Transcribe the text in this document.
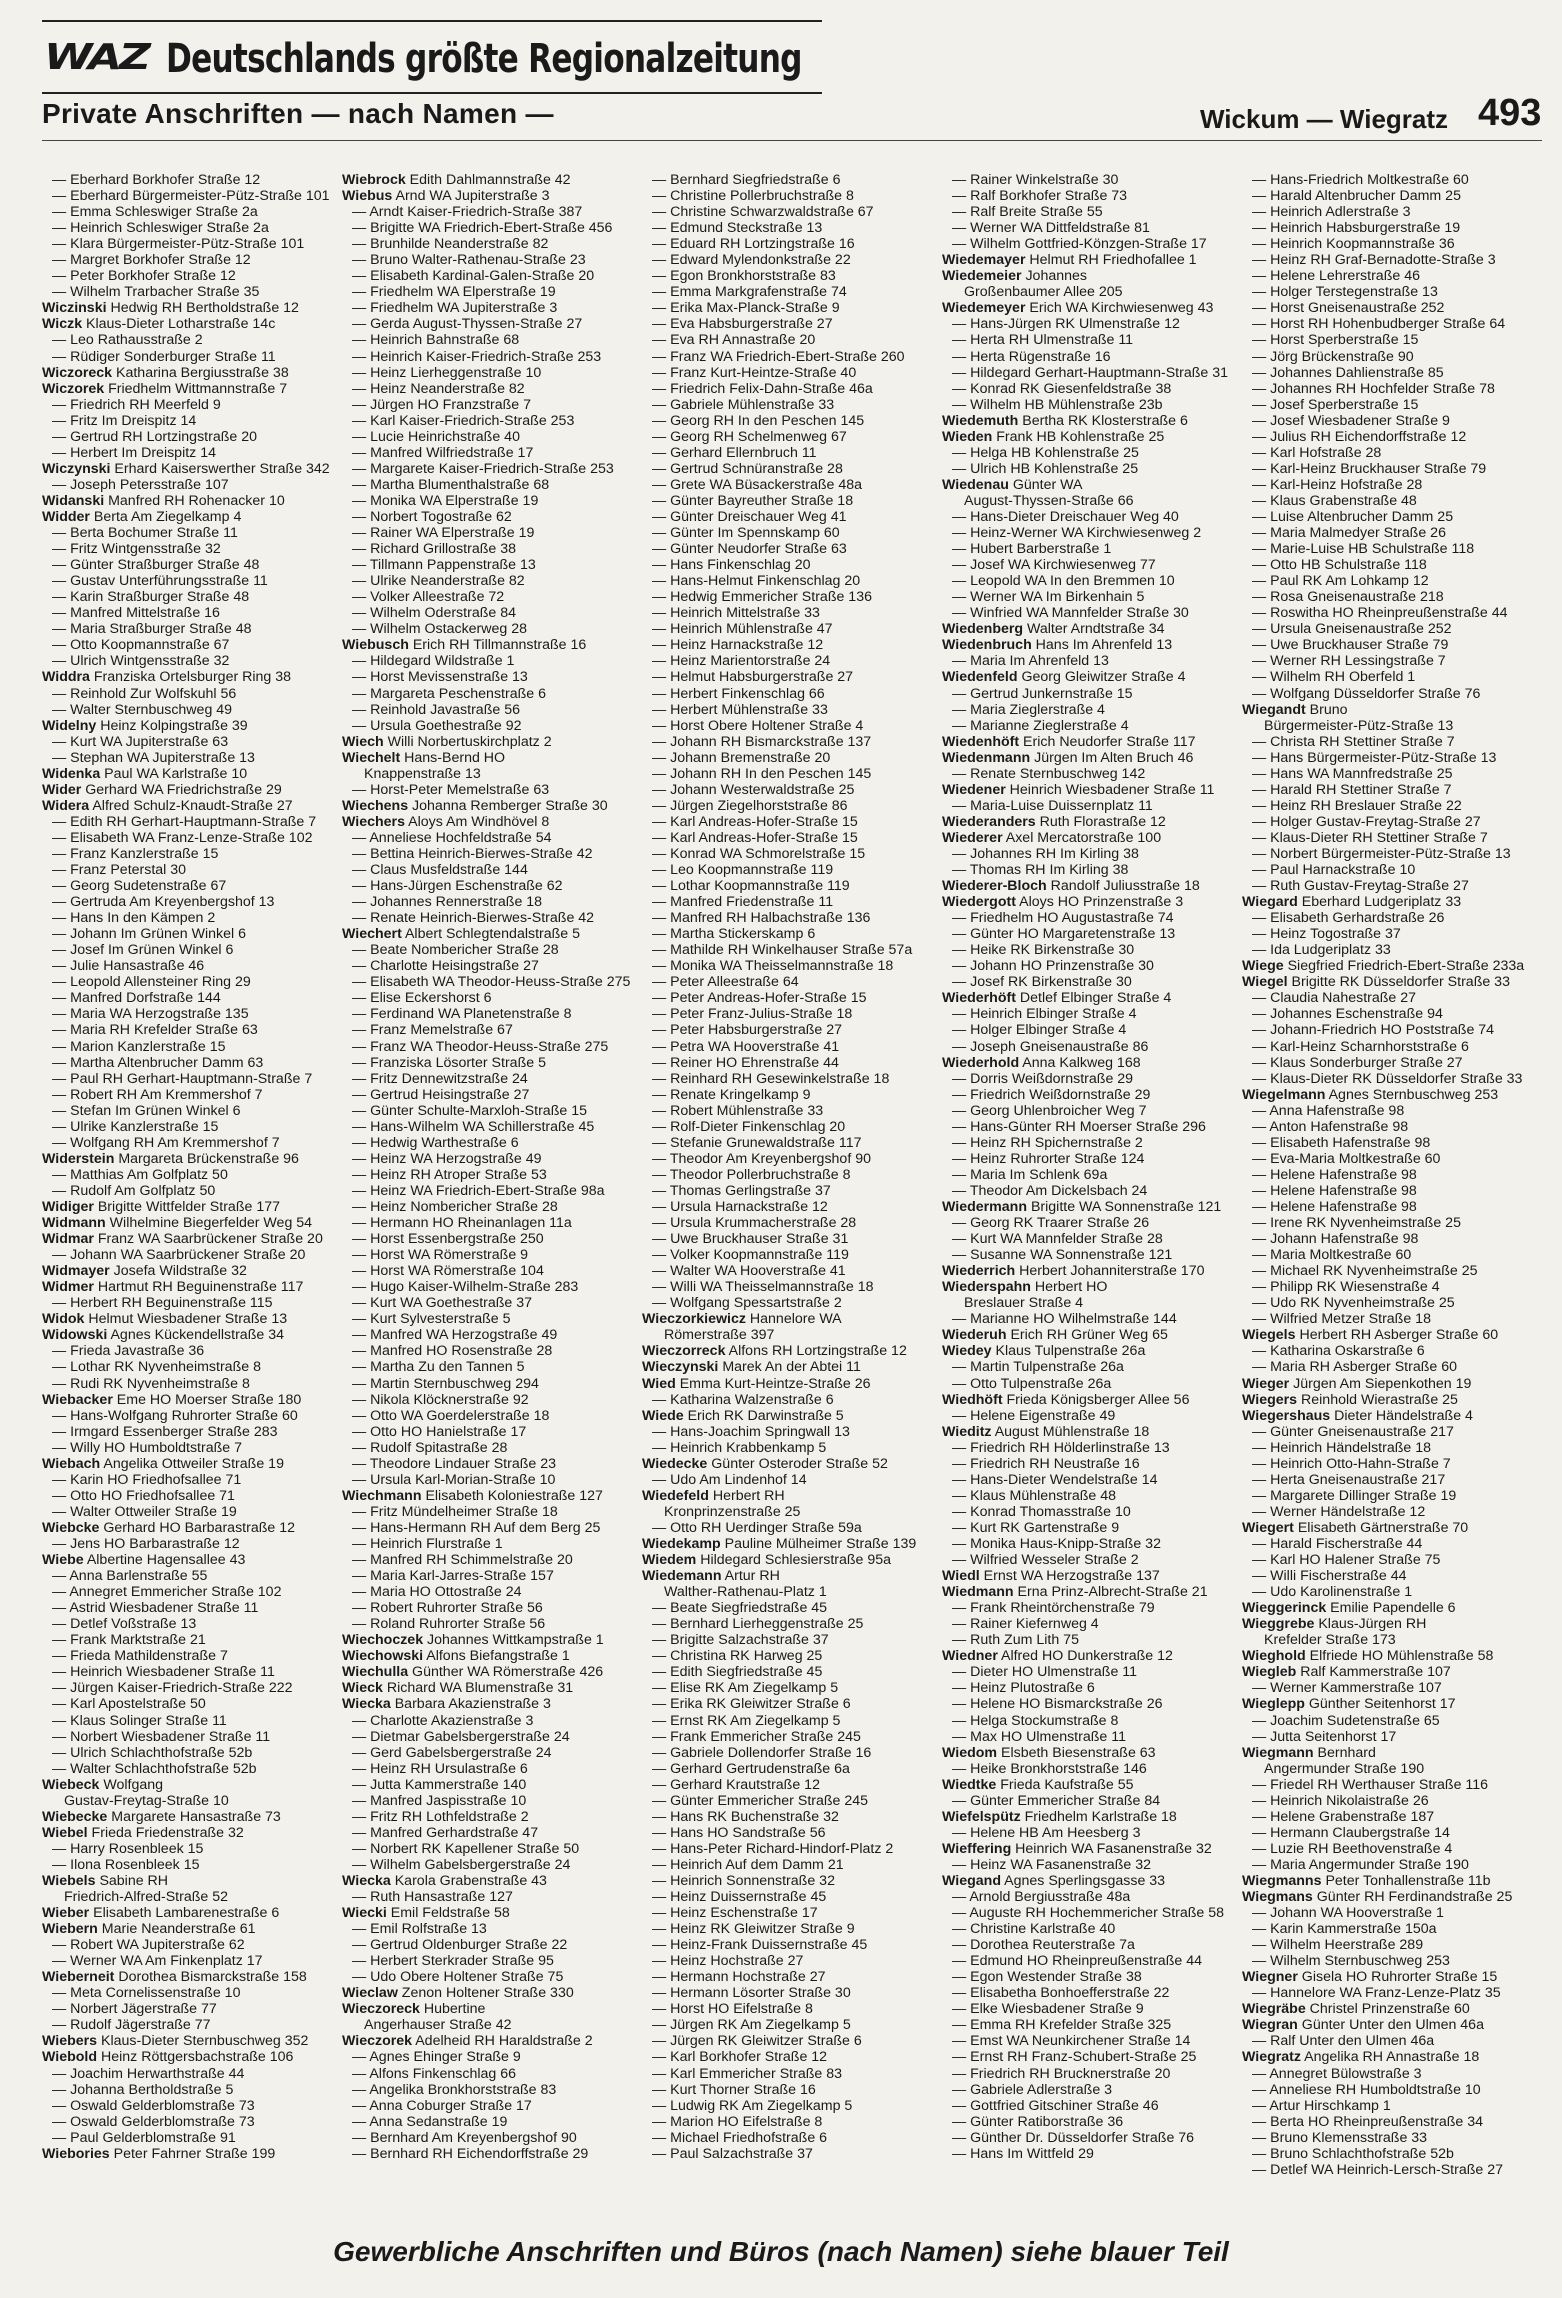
WAZ Deutschlands größte Regionalzeitung
Private Anschriften — nach Namen —	Wickum — Wiegratz 493
— Eberhard Borkhofer Straße 12
— Eberhard Bürgermeister-Pütz-Straße 101
— Emma Schleswiger Straße 2a
— Heinrich Schleswiger Straße 2a
— Klara Bürgermeister-Pütz-Straße 101
— Margret Borkhofer Straße 12
— Peter Borkhofer Straße 12
— Wilhelm Trarbacher Straße 35
Wiczinski Hedwig RH Bertholdstraße 12
Wiczk Klaus-Dieter Lotharstraße 14c
— Leo Rathausstraße 2
— Rüdiger Sonderburger Straße 11
Wiczoreck Katharina Bergiusstraße 38
Wiczorek Friedhelm Wittmannstraße 7
— Friedrich RH Meerfeld 9
— Fritz Im Dreispitz 14
— Gertrud RH Lortzingstraße 20
— Herbert Im Dreispitz 14
Wiczynski Erhard Kaiserswerther Straße 342
— Joseph Petersstraße 107
Widanski Manfred RH Rohenacker 10
Widder Berta Am Ziegelkamp 4
— Berta Bochumer Straße 11
— Fritz Wintgensstraße 32
— Günter Straßburger Straße 48
— Gustav Unterführungsstraße 11
— Karin Straßburger Straße 48
— Manfred Mittelstraße 16
— Maria Straßburger Straße 48
— Otto Koopmannstraße 67
— Ulrich Wintgensstraße 32
Widdra Franziska Ortelsburger Ring 38
— Reinhold Zur Wolfskuhl 56
— Walter Sternbuschweg 49
Widelny Heinz Kolpingstraße 39
— Kurt WA Jupiterstraße 63
— Stephan WA Jupiterstraße 13
Widenka Paul WA Karlstraße 10
Wider Gerhard WA Friedrichstraße 29
Widera Alfred Schulz-Knaudt-Straße 27
— Edith RH Gerhart-Hauptmann-Straße 7
— Elisabeth WA Franz-Lenze-Straße 102
— Franz Kanzlerstraße 15
— Franz Peterstal 30
— Georg Sudetenstraße 67
— Gertruda Am Kreyenbergshof 13
— Hans In den Kämpen 2
— Johann Im Grünen Winkel 6
— Josef Im Grünen Winkel 6
— Julie Hansastraße 46
— Leopold Allensteiner Ring 29
— Manfred Dorfstraße 144
— Maria WA Herzogstraße 135
— Maria RH Krefelder Straße 63
— Marion Kanzlerstraße 15
— Martha Altenbrucher Damm 63
— Paul RH Gerhart-Hauptmann-Straße 7
— Robert RH Am Kremmershof 7
— Stefan Im Grünen Winkel 6
— Ulrike Kanzlerstraße 15
— Wolfgang RH Am Kremmershof 7
Widerstein Margareta Brückenstraße 96
— Matthias Am Golfplatz 50
— Rudolf Am Golfplatz 50
Widiger Brigitte Wittfelder Straße 177
Widmann Wilhelmine Biegerfelder Weg 54
Widmar Franz WA Saarbrückener Straße 20
— Johann WA Saarbrückener Straße 20
Widmayer Josefa Wildstraße 32
Widmer Hartmut RH Beguinenstraße 117
— Herbert RH Beguinenstraße 115
Widok Helmut Wiesbadener Straße 13
Widowski Agnes Kückendellstraße 34
— Frieda Javastraße 36
— Lothar RK Nyvenheimstraße 8
— Rudi RK Nyvenheimstraße 8
Wiebacker Eme HO Moerser Straße 180
— Hans-Wolfgang Ruhrorter Straße 60
— Irmgard Essenberger Straße 283
— Willy HO Humboldtstraße 7
Wiebach Angelika Ottweiler Straße 19
— Karin HO Friedhofsallee 71
— Otto HO Friedhofsallee 71
— Walter Ottweiler Straße 19
Wiebcke Gerhard HO Barbarastraße 12
— Jens HO Barbarastraße 12
Wiebe Albertine Hagensallee 43
— Anna Barlenstraße 55
— Annegret Emmericher Straße 102
— Astrid Wiesbadener Straße 11
— Detlef Voßstraße 13
— Frank Marktstraße 21
— Frieda Mathildenstraße 7
— Heinrich Wiesbadener Straße 11
— Jürgen Kaiser-Friedrich-Straße 222
— Karl Apostelstraße 50
— Klaus Solinger Straße 11
— Norbert Wiesbadener Straße 11
— Ulrich Schlachthofstraße 52b
— Walter Schlachthofstraße 52b
Wiebeck Wolfgang
Gustav-Freytag-Straße 10
Wiebecke Margarete Hansastraße 73
Wiebel Frieda Friedenstraße 32
— Harry Rosenbleek 15
— Ilona Rosenbleek 15
Wiebels Sabine RH
Friedrich-Alfred-Straße 52
Wieber Elisabeth Lambarenestraße 6
Wiebern Marie Neanderstraße 61
— Robert WA Jupiterstraße 62
— Werner WA Am Finkenplatz 17
Wieberneit Dorothea Bismarckstraße 158
— Meta Cornelissenstraße 10
— Norbert Jägerstraße 77
— Rudolf Jägerstraße 77
Wiebers Klaus-Dieter Sternbuschweg 352
Wiebold Heinz Röttgersbachstraße 106
— Joachim Herwarthstraße 44
— Johanna Bertholdstraße 5
— Oswald Gelderblomstraße 73
— Oswald Gelderblomstraße 73
— Paul Gelderblomstraße 91
Wiebories Peter Fahrner Straße 199
Wiebrock Edith Dahlmannstraße 42
Wiebus Arnd WA Jupiterstraße 3
— Arndt Kaiser-Friedrich-Straße 387
— Brigitte WA Friedrich-Ebert-Straße 456
— Brunhilde Neanderstraße 82
— Bruno Walter-Rathenau-Straße 23
— Elisabeth Kardinal-Galen-Straße 20
— Friedhelm WA Elperstraße 19
— Friedhelm WA Jupiterstraße 3
— Gerda August-Thyssen-Straße 27
— Heinrich Bahnstraße 68
— Heinrich Kaiser-Friedrich-Straße 253
— Heinz Lierheggenstraße 10
— Heinz Neanderstraße 82
— Jürgen HO Franzstraße 7
— Karl Kaiser-Friedrich-Straße 253
— Lucie Heinrichstraße 40
— Manfred Wilfriedstraße 17
— Margarete Kaiser-Friedrich-Straße 253
— Martha Blumenthalstraße 68
— Monika WA Elperstraße 19
— Norbert Togostraße 62
— Rainer WA Elperstraße 19
— Richard Grillostraße 38
— Tillmann Pappenstraße 13
— Ulrike Neanderstraße 82
— Volker Alleestraße 72
— Wilhelm Oderstraße 84
— Wilhelm Ostackerweg 28
Wiebusch Erich RH Tillmannstraße 16
— Hildegard Wildstraße 1
— Horst Mevissenstraße 13
— Margareta Peschenstraße 6
— Reinhold Javastraße 56
— Ursula Goethestraße 92
Wiech Willi Norbertuskirchplatz 2
Wiechelt Hans-Bernd HO
Knappenstraße 13
— Horst-Peter Memelstraße 63
Wiechens Johanna Remberger Straße 30
Wiechers Aloys Am Windhövel 8
— Anneliese Hochfeldstraße 54
— Bettina Heinrich-Bierwes-Straße 42
— Claus Musfeldstraße 144
— Hans-Jürgen Eschenstraße 62
— Johannes Rennerstraße 18
— Renate Heinrich-Bierwes-Straße 42
Wiechert Albert Schlegtendalstraße 5
— Beate Nombericher Straße 28
— Charlotte Heisingstraße 27
— Elisabeth WA Theodor-Heuss-Straße 275
— Elise Eckershorst 6
— Ferdinand WA Planetenstraße 8
— Franz Memelstraße 67
— Franz WA Theodor-Heuss-Straße 275
— Franziska Lösorter Straße 5
— Fritz Dennewitzstraße 24
— Gertrud Heisingstraße 27
— Günter Schulte-Marxloh-Straße 15
— Hans-Wilhelm WA Schillerstraße 45
— Hedwig Warthestraße 6
— Heinz WA Herzogstraße 49
— Heinz RH Atroper Straße 53
— Heinz WA Friedrich-Ebert-Straße 98a
— Heinz Nombericher Straße 28
— Hermann HO Rheinanlagen 11a
— Horst Essenbergstraße 250
— Horst WA Römerstraße 9
— Horst WA Römerstraße 104
— Hugo Kaiser-Wilhelm-Straße 283
— Kurt WA Goethestraße 37
— Kurt Sylvesterstraße 5
— Manfred WA Herzogstraße 49
— Manfred HO Rosenstraße 28
— Martha Zu den Tannen 5
— Martin Sternbuschweg 294
— Nikola Klöcknerstraße 92
— Otto WA Goerdelerstraße 18
— Otto HO Hanielstraße 17
— Rudolf Spitastraße 28
— Theodore Lindauer Straße 23
— Ursula Karl-Morian-Straße 10
Wiechmann Elisabeth Koloniestraße 127
— Fritz Mündelheimer Straße 18
— Hans-Hermann RH Auf dem Berg 25
— Heinrich Flurstraße 1
— Manfred RH Schimmelstraße 20
— Maria Karl-Jarres-Straße 157
— Maria HO Ottostraße 24
— Robert Ruhrorter Straße 56
— Roland Ruhrorter Straße 56
Wiechoczek Johannes Wittkampstraße 1
Wiechowski Alfons Biefangstraße 1
Wiechulla Günther WA Römerstraße 426
Wieck Richard WA Blumenstraße 31
Wiecka Barbara Akazienstraße 3
— Charlotte Akazienstraße 3
— Dietmar Gabelsbergerstraße 24
— Gerd Gabelsbergerstraße 24
— Heinz RH Ursulastraße 6
— Jutta Kammerstraße 140
— Manfred Jaspisstraße 10
— Fritz RH Lothfeldstraße 2
— Manfred Gerhardstraße 47
— Norbert RK Kapellener Straße 50
— Wilhelm Gabelsbergerstraße 24
Wiecka Karola Grabenstraße 43
— Ruth Hansastraße 127
Wiecki Emil Feldstraße 58
— Emil Rolfstraße 13
— Gertrud Oldenburger Straße 22
— Herbert Sterkrader Straße 95
— Udo Obere Holtener Straße 75
Wieclaw Zenon Holtener Straße 330
Wieczoreck Hubertine
Angerhauser Straße 42
Wieczorek Adelheid RH Haraldstraße 2
— Agnes Ehinger Straße 9
— Alfons Finkenschlag 66
— Angelika Bronkhorststraße 83
— Anna Coburger Straße 17
— Anna Sedanstraße 19
— Bernhard Am Kreyenbergshof 90
— Bernhard RH Eichendorffstraße 29
— Bernhard Siegfriedstraße 6
— Christine Pollerbruchstraße 8
— Christine Schwarzwaldstraße 67
— Edmund Steckstraße 13
— Eduard RH Lortzingstraße 16
— Edward Mylendonkstraße 22
— Egon Bronkhorststraße 83
— Emma Markgrafenstraße 74
— Erika Max-Planck-Straße 9
— Eva Habsburgerstraße 27
— Eva RH Annastraße 20
— Franz WA Friedrich-Ebert-Straße 260
— Franz Kurt-Heintze-Straße 40
— Friedrich Felix-Dahn-Straße 46a
— Gabriele Mühlenstraße 33
— Georg RH In den Peschen 145
— Georg RH Schelmenweg 67
— Gerhard Ellernbruch 11
— Gertrud Schnüranstraße 28
— Grete WA Büsackerstraße 48a
— Günter Bayreuther Straße 18
— Günter Dreischauer Weg 41
— Günter Im Spennskamp 60
— Günter Neudorfer Straße 63
— Hans Finkenschlag 20
— Hans-Helmut Finkenschlag 20
— Hedwig Emmericher Straße 136
— Heinrich Mittelstraße 33
— Heinrich Mühlenstraße 47
— Heinz Harnackstraße 12
— Heinz Marientorstraße 24
— Helmut Habsburgerstraße 27
— Herbert Finkenschlag 66
— Herbert Mühlenstraße 33
— Horst Obere Holtener Straße 4
— Johann RH Bismarckstraße 137
— Johann Bremenstraße 20
— Johann RH In den Peschen 145
— Johann Westerwaldstraße 25
— Jürgen Ziegelhorststraße 86
— Karl Andreas-Hofer-Straße 15
— Karl Andreas-Hofer-Straße 15
— Konrad WA Schmorelstraße 15
— Leo Koopmannstraße 119
— Lothar Koopmannstraße 119
— Manfred Friedenstraße 11
— Manfred RH Halbachstraße 136
— Martha Stickerskamp 6
— Mathilde RH Winkelhauser Straße 57a
— Monika WA Theisselmannstraße 18
— Peter Alleestraße 64
— Peter Andreas-Hofer-Straße 15
— Peter Franz-Julius-Straße 18
— Peter Habsburgerstraße 27
— Petra WA Hooverstraße 41
— Reiner HO Ehrenstraße 44
— Reinhard RH Gesewinkelstraße 18
— Renate Kringelkamp 9
— Robert Mühlenstraße 33
— Rolf-Dieter Finkenschlag 20
— Stefanie Grunewaldstraße 117
— Theodor Am Kreyenbergshof 90
— Theodor Pollerbruchstraße 8
— Thomas Gerlingstraße 37
— Ursula Harnackstraße 12
— Ursula Krummacherstraße 28
— Uwe Bruckhauser Straße 31
— Volker Koopmannstraße 119
— Walter WA Hooverstraße 41
— Willi WA Theisselmannstraße 18
— Wolfgang Spessartstraße 2
Wieczorkiewicz Hannelore WA
Römerstraße 397
Wieczorreck Alfons RH Lortzingstraße 12
Wieczynski Marek An der Abtei 11
Wied Emma Kurt-Heintze-Straße 26
— Katharina Walzenstraße 6
Wiede Erich RK Darwinstraße 5
— Hans-Joachim Springwall 13
— Heinrich Krabbenkamp 5
Wiedecke Günter Osteroder Straße 52
— Udo Am Lindenhof 14
Wiedefeld Herbert RH
Kronprinzenstraße 25
— Otto RH Uerdinger Straße 59a
Wiedekamp Pauline Mülheimer Straße 139
Wiedem Hildegard Schlesierstraße 95a
Wiedemann Artur RH
Walther-Rathenau-Platz 1
— Beate Siegfriedstraße 45
— Bernhard Lierheggenstraße 25
— Brigitte Salzachstraße 37
— Christina RK Harweg 25
— Edith Siegfriedstraße 45
— Elise RK Am Ziegelkamp 5
— Erika RK Gleiwitzer Straße 6
— Ernst RK Am Ziegelkamp 5
— Frank Emmericher Straße 245
— Gabriele Dollendorfer Straße 16
— Gerhard Gertrudenstraße 6a
— Gerhard Krautstraße 12
— Günter Emmericher Straße 245
— Hans RK Buchenstraße 32
— Hans HO Sandstraße 56
— Hans-Peter Richard-Hindorf-Platz 2
— Heinrich Auf dem Damm 21
— Heinrich Sonnenstraße 32
— Heinz Duissernstraße 45
— Heinz Eschenstraße 17
— Heinz RK Gleiwitzer Straße 9
— Heinz-Frank Duissernstraße 45
— Heinz Hochstraße 27
— Hermann Hochstraße 27
— Hermann Lösorter Straße 30
— Horst HO Eifelstraße 8
— Jürgen RK Am Ziegelkamp 5
— Jürgen RK Gleiwitzer Straße 6
— Karl Borkhofer Straße 12
— Karl Emmericher Straße 83
— Kurt Thorner Straße 16
— Ludwig RK Am Ziegelkamp 5
— Marion HO Eifelstraße 8
— Michael Friedhofstraße 6
— Paul Salzachstraße 37
— Rainer Winkelstraße 30
— Ralf Borkhofer Straße 73
— Ralf Breite Straße 55
— Werner WA Dittfeldstraße 81
— Wilhelm Gottfried-Könzgen-Straße 17
Wiedemayer Helmut RH Friedhofallee 1
Wiedemeier Johannes
Großenbaumer Allee 205
Wiedemeyer Erich WA Kirchwiesenweg 43
— Hans-Jürgen RK Ulmenstraße 12
— Herta RH Ulmenstraße 11
— Herta Rügenstraße 16
— Hildegard Gerhart-Hauptmann-Straße 31
— Konrad RK Giesenfeldstraße 38
— Wilhelm HB Mühlenstraße 23b
Wiedemuth Bertha RK Klosterstraße 6
Wieden Frank HB Kohlenstraße 25
— Helga HB Kohlenstraße 25
— Ulrich HB Kohlenstraße 25
Wiedenau Günter WA
August-Thyssen-Straße 66
— Hans-Dieter Dreischauer Weg 40
— Heinz-Werner WA Kirchwiesenweg 2
— Hubert Barberstraße 1
— Josef WA Kirchwiesenweg 77
— Leopold WA In den Bremmen 10
— Werner WA Im Birkenhain 5
— Winfried WA Mannfelder Straße 30
Wiedenberg Walter Arndtstraße 34
Wiedenbruch Hans Im Ahrenfeld 13
— Maria Im Ahrenfeld 13
Wiedenfeld Georg Gleiwitzer Straße 4
— Gertrud Junkernstraße 15
— Maria Zieglerstraße 4
— Marianne Zieglerstraße 4
Wiedenhöft Erich Neudorfer Straße 117
Wiedenmann Jürgen Im Alten Bruch 46
— Renate Sternbuschweg 142
Wiedener Heinrich Wiesbadener Straße 11
— Maria-Luise Duissernplatz 11
Wiederanders Ruth Florastraße 12
Wiederer Axel Mercatorstraße 100
— Johannes RH Im Kirling 38
— Thomas RH Im Kirling 38
Wiederer-Bloch Randolf Juliusstraße 18
Wiedergott Aloys HO Prinzenstraße 3
— Friedhelm HO Augustastraße 74
— Günter HO Margaretenstraße 13
— Heike RK Birkenstraße 30
— Johann HO Prinzenstraße 30
— Josef RK Birkenstraße 30
Wiederhöft Detlef Elbinger Straße 4
— Heinrich Elbinger Straße 4
— Holger Elbinger Straße 4
— Joseph Gneisenaustraße 86
Wiederhold Anna Kalkweg 168
— Dorris Weißdornstraße 29
— Friedrich Weißdornstraße 29
— Georg Uhlenbroicher Weg 7
— Hans-Günter RH Moerser Straße 296
— Heinz RH Spichernstraße 2
— Heinz Ruhrorter Straße 124
— Maria Im Schlenk 69a
— Theodor Am Dickelsbach 24
Wiedermann Brigitte WA Sonnenstraße 121
— Georg RK Traarer Straße 26
— Kurt WA Mannfelder Straße 28
— Susanne WA Sonnenstraße 121
Wiederrich Herbert Johanniterstraße 170
Wiederspahn Herbert HO
Breslauer Straße 4
— Marianne HO Wilhelmstraße 144
Wiederuh Erich RH Grüner Weg 65
Wiedey Klaus Tulpenstraße 26a
— Martin Tulpenstraße 26a
— Otto Tulpenstraße 26a
Wiedhöft Frieda Königsberger Allee 56
— Helene Eigenstraße 49
Wieditz August Mühlenstraße 18
— Friedrich RH Hölderlinstraße 13
— Friedrich RH Neustraße 16
— Hans-Dieter Wendelstraße 14
— Klaus Mühlenstraße 48
— Konrad Thomasstraße 10
— Kurt RK Gartenstraße 9
— Monika Haus-Knipp-Straße 32
— Wilfried Wesseler Straße 2
Wiedl Ernst WA Herzogstraße 137
Wiedmann Erna Prinz-Albrecht-Straße 21
— Frank Rheintörchenstraße 79
— Rainer Kiefernweg 4
— Ruth Zum Lith 75
Wiedner Alfred HO Dunkerstraße 12
— Dieter HO Ulmenstraße 11
— Heinz Plutostraße 6
— Helene HO Bismarckstraße 26
— Helga Stockumstraße 8
— Max HO Ulmenstraße 11
Wiedom Elsbeth Biesenstraße 63
— Heike Bronkhorststraße 146
Wiedtke Frieda Kaufstraße 55
— Günter Emmericher Straße 84
Wiefelspütz Friedhelm Karlstraße 18
— Helene HB Am Heesberg 3
Wieffering Heinrich WA Fasanenstraße 32
— Heinz WA Fasanenstraße 32
Wiegand Agnes Sperlingsgasse 33
— Arnold Bergiusstraße 48a
— Auguste RH Hochemmericher Straße 58
— Christine Karlstraße 40
— Dorothea Reuterstraße 7a
— Edmund HO Rheinpreußenstraße 44
— Egon Westender Straße 38
— Elisabetha Bonhoefferstraße 22
— Elke Wiesbadener Straße 9
— Emma RH Krefelder Straße 325
— Emst WA Neunkirchener Straße 14
— Ernst RH Franz-Schubert-Straße 25
— Friedrich RH Brucknerstraße 20
— Gabriele Adlerstraße 3
— Gottfried Gitschiner Straße 46
— Günter Ratiborstraße 36
— Günther Dr. Düsseldorfer Straße 76
— Hans Im Wittfeld 29
— Hans-Friedrich Moltkestraße 60
— Harald Altenbrucher Damm 25
— Heinrich Adlerstraße 3
— Heinrich Habsburgerstraße 19
— Heinrich Koopmannstraße 36
— Heinz RH Graf-Bernadotte-Straße 3
— Helene Lehrerstraße 46
— Holger Terstegenstraße 13
— Horst Gneisenaustraße 252
— Horst RH Hohenbudberger Straße 64
— Horst Sperberstraße 15
— Jörg Brückenstraße 90
— Johannes Dahlienstraße 85
— Johannes RH Hochfelder Straße 78
— Josef Sperberstraße 15
— Josef Wiesbadener Straße 9
— Julius RH Eichendorffstraße 12
— Karl Hofstraße 28
— Karl-Heinz Bruckhauser Straße 79
— Karl-Heinz Hofstraße 28
— Klaus Grabenstraße 48
— Luise Altenbrucher Damm 25
— Maria Malmedyer Straße 26
— Marie-Luise HB Schulstraße 118
— Otto HB Schulstraße 118
— Paul RK Am Lohkamp 12
— Rosa Gneisenaustraße 218
— Roswitha HO Rheinpreußenstraße 44
— Ursula Gneisenaustraße 252
— Uwe Bruckhauser Straße 79
— Werner RH Lessingstraße 7
— Wilhelm RH Oberfeld 1
— Wolfgang Düsseldorfer Straße 76
Wiegandt Bruno
Bürgermeister-Pütz-Straße 13
— Christa RH Stettiner Straße 7
— Hans Bürgermeister-Pütz-Straße 13
— Hans WA Mannfredstraße 25
— Harald RH Stettiner Straße 7
— Heinz RH Breslauer Straße 22
— Holger Gustav-Freytag-Straße 27
— Klaus-Dieter RH Stettiner Straße 7
— Norbert Bürgermeister-Pütz-Straße 13
— Paul Harnackstraße 10
— Ruth Gustav-Freytag-Straße 27
Wiegard Eberhard Ludgeriplatz 33
— Elisabeth Gerhardstraße 26
— Heinz Togostraße 37
— Ida Ludgeriplatz 33
Wiege Siegfried Friedrich-Ebert-Straße 233a
Wiegel Brigitte RK Düsseldorfer Straße 33
— Claudia Nahestraße 27
— Johannes Eschenstraße 94
— Johann-Friedrich HO Poststraße 74
— Karl-Heinz Scharnhorststraße 6
— Klaus Sonderburger Straße 27
— Klaus-Dieter RK Düsseldorfer Straße 33
Wiegelmann Agnes Sternbuschweg 253
— Anna Hafenstraße 98
— Anton Hafenstraße 98
— Elisabeth Hafenstraße 98
— Eva-Maria Moltkestraße 60
— Helene Hafenstraße 98
— Helene Hafenstraße 98
— Helene Hafenstraße 98
— Irene RK Nyvenheimstraße 25
— Johann Hafenstraße 98
— Maria Moltkestraße 60
— Michael RK Nyvenheimstraße 25
— Philipp RK Wiesenstraße 4
— Udo RK Nyvenheimstraße 25
— Wilfried Metzer Straße 18
Wiegels Herbert RH Asberger Straße 60
— Katharina Oskarstraße 6
— Maria RH Asberger Straße 60
Wieger Jürgen Am Siepenkothen 19
Wiegers Reinhold Wierastraße 25
Wiegershaus Dieter Händelstraße 4
— Günter Gneisenaustraße 217
— Heinrich Händelstraße 18
— Heinrich Otto-Hahn-Straße 7
— Herta Gneisenaustraße 217
— Margarete Dillinger Straße 19
— Werner Händelstraße 12
Wiegert Elisabeth Gärtnerstraße 70
— Harald Fischerstraße 44
— Karl HO Halener Straße 75
— Willi Fischerstraße 44
— Udo Karolinenstraße 1
Wieggerinck Emilie Papendelle 6
Wieggrebe Klaus-Jürgen RH
Krefelder Straße 173
Wieghold Elfriede HO Mühlenstraße 58
Wiegleb Ralf Kammerstraße 107
— Werner Kammerstraße 107
Wieglepp Günther Seitenhorst 17
— Joachim Sudetenstraße 65
— Jutta Seitenhorst 17
Wiegmann Bernhard
Angermunder Straße 190
— Friedel RH Werthauser Straße 116
— Heinrich Nikolaistraße 26
— Helene Grabenstraße 187
— Hermann Claubergstraße 14
— Luzie RH Beethovenstraße 4
— Maria Angermunder Straße 190
Wiegmanns Peter Tonhallenstraße 11b
Wiegmans Günter RH Ferdinandstraße 25
— Johann WA Hooverstraße 1
— Karin Kammerstraße 150a
— Wilhelm Heerstraße 289
— Wilhelm Sternbuschweg 253
Wiegner Gisela HO Ruhrorter Straße 15
— Hannelore WA Franz-Lenze-Platz 35
Wiegräbe Christel Prinzenstraße 60
Wiegran Günter Unter den Ulmen 46a
— Ralf Unter den Ulmen 46a
Wiegratz Angelika RH Annastraße 18
— Annegret Bülowstraße 3
— Anneliese RH Humboldtstraße 10
— Artur Hirschkamp 1
— Berta HO Rheinpreußenstraße 34
— Bruno Klemensstraße 33
— Bruno Schlachthofstraße 52b
— Detlef WA Heinrich-Lersch-Straße 27
Gewerbliche Anschriften und Büros (nach Namen) siehe blauer Teil
